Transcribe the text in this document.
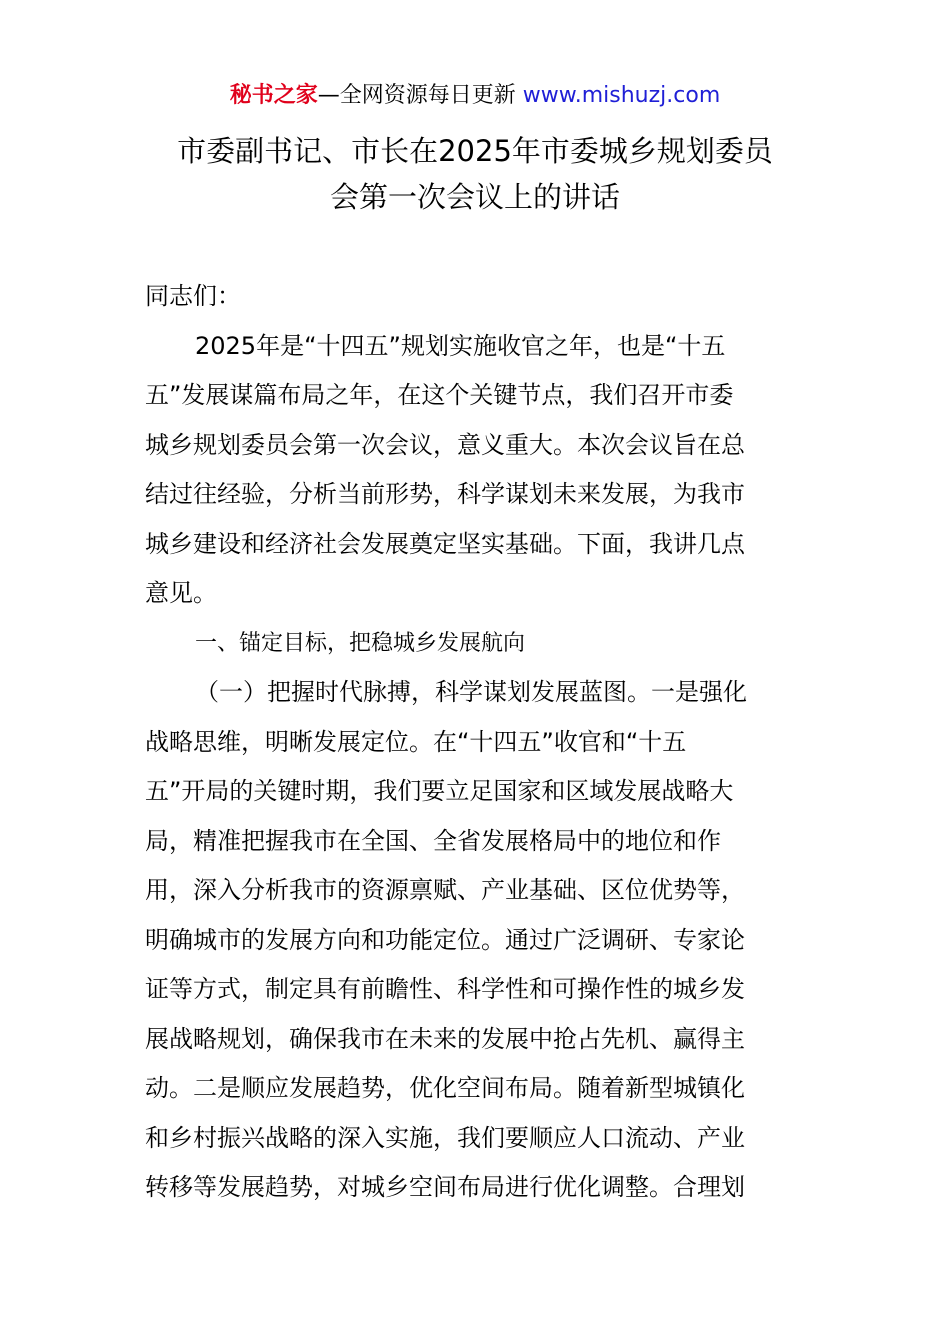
秘书之家—全网资源每日更新 www.mishuzj.com
市委副书记、市长在2025年市委城乡规划委员
会第一次会议上的讲话
同志们：
2025年是“十四五”规划实施收官之年，也是“十五
五”发展谋篇布局之年，在这个关键节点，我们召开市委
城乡规划委员会第一次会议，意义重大。本次会议旨在总
结过往经验，分析当前形势，科学谋划未来发展，为我市
城乡建设和经济社会发展奠定坚实基础。下面，我讲几点
意见。
一、锚定目标，把稳城乡发展航向
（一）把握时代脉搏，科学谋划发展蓝图。一是强化
战略思维，明晰发展定位。在“十四五”收官和“十五
五”开局的关键时期，我们要立足国家和区域发展战略大
局，精准把握我市在全国、全省发展格局中的地位和作
用，深入分析我市的资源禀赋、产业基础、区位优势等，
明确城市的发展方向和功能定位。通过广泛调研、专家论
证等方式，制定具有前瞻性、科学性和可操作性的城乡发
展战略规划，确保我市在未来的发展中抢占先机、赢得主
动。二是顺应发展趋势，优化空间布局。随着新型城镇化
和乡村振兴战略的深入实施，我们要顺应人口流动、产业
转移等发展趋势，对城乡空间布局进行优化调整。合理划
